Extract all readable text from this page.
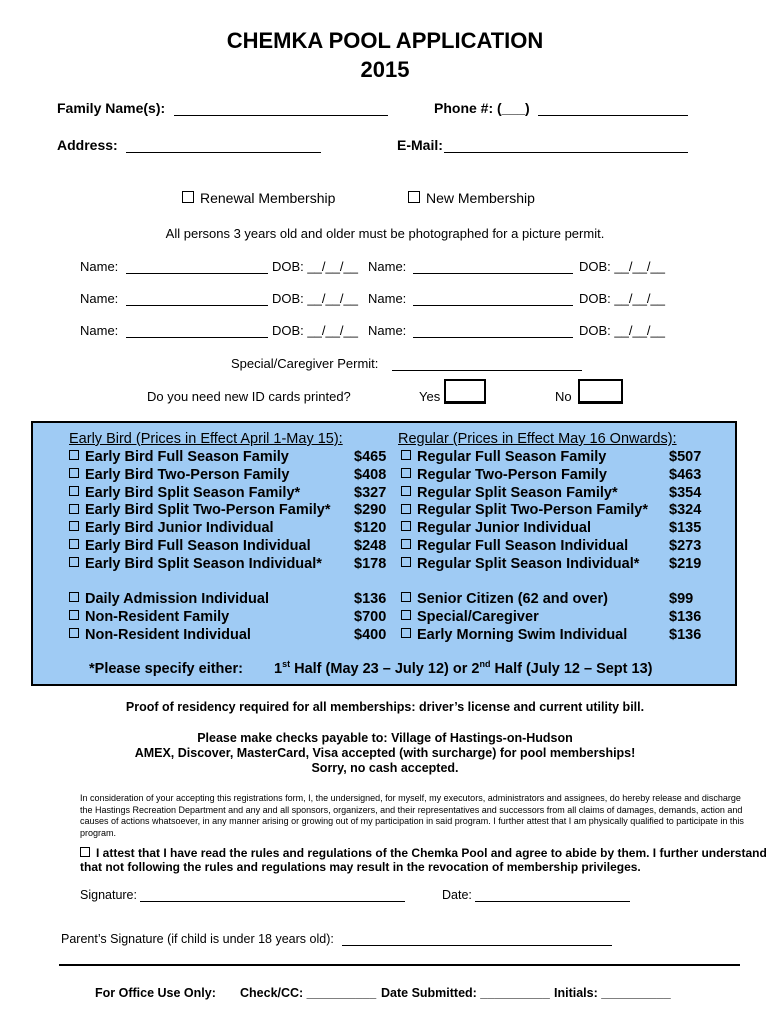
CHEMKA POOL APPLICATION
2015
Family Name(s):	Phone #: (___)
Address:	E-Mail:
Renewal Membership	New Membership
All persons 3 years old and older must be photographed for a picture permit.
Name:	DOB: __/__/__ Name:	DOB: __/__/__
Name:	DOB: __/__/__ Name:	DOB: __/__/__
Name:	DOB: __/__/__ Name:	DOB: __/__/__
Special/Caregiver Permit:
Do you need new ID cards printed?	Yes	No
Early Bird (Prices in Effect April 1-May 15):	Regular (Prices in Effect May 16 Onwards):
Early Bird Full Season Family	$465
Early Bird Two-Person Family	$408
Early Bird Split Season Family*	$327
Early Bird Split Two-Person Family* $290
Early Bird Junior Individual	$120
Early Bird Full Season Individual	$248
Early Bird Split Season Individual* $178
Regular Full Season Family	$507
Regular Two-Person Family	$463
Regular Split Season Family*	$354
Regular Split Two-Person Family* $324
Regular Junior Individual	$135
Regular Full Season Individual	$273
Regular Split Season Individual* $219
Daily Admission Individual	$136
Non-Resident Family	$700
Non-Resident Individual	$400
Senior Citizen (62 and over)	$99
Special/Caregiver	$136
Early Morning Swim Individual	$136
*Please specify either: 1st Half (May 23 – July 12) or 2nd Half (July 12 – Sept 13)
Proof of residency required for all memberships: driver’s license and current utility bill.
Please make checks payable to: Village of Hastings-on-Hudson
AMEX, Discover, MasterCard, Visa accepted (with surcharge) for pool memberships!
Sorry, no cash accepted.
In consideration of your accepting this registrations form, I, the undersigned, for myself, my executors, administrators and assignees, do hereby release and discharge the Hastings Recreation Department and any and all sponsors, organizers, and their representatives and successors from all claims of damages, demands, action and causes of actions whatsoever, in any manner arising or growing out of my participation in said program. I further attest that I am physically qualified to participate in this program.
I attest that I have read the rules and regulations of the Chemka Pool and agree to abide by them. I further understand
that not following the rules and regulations may result in the revocation of membership privileges.
Signature:	Date:
Parent’s Signature (if child is under 18 years old):
For Office Use Only: Check/CC: __________ Date Submitted: __________ Initials: __________
